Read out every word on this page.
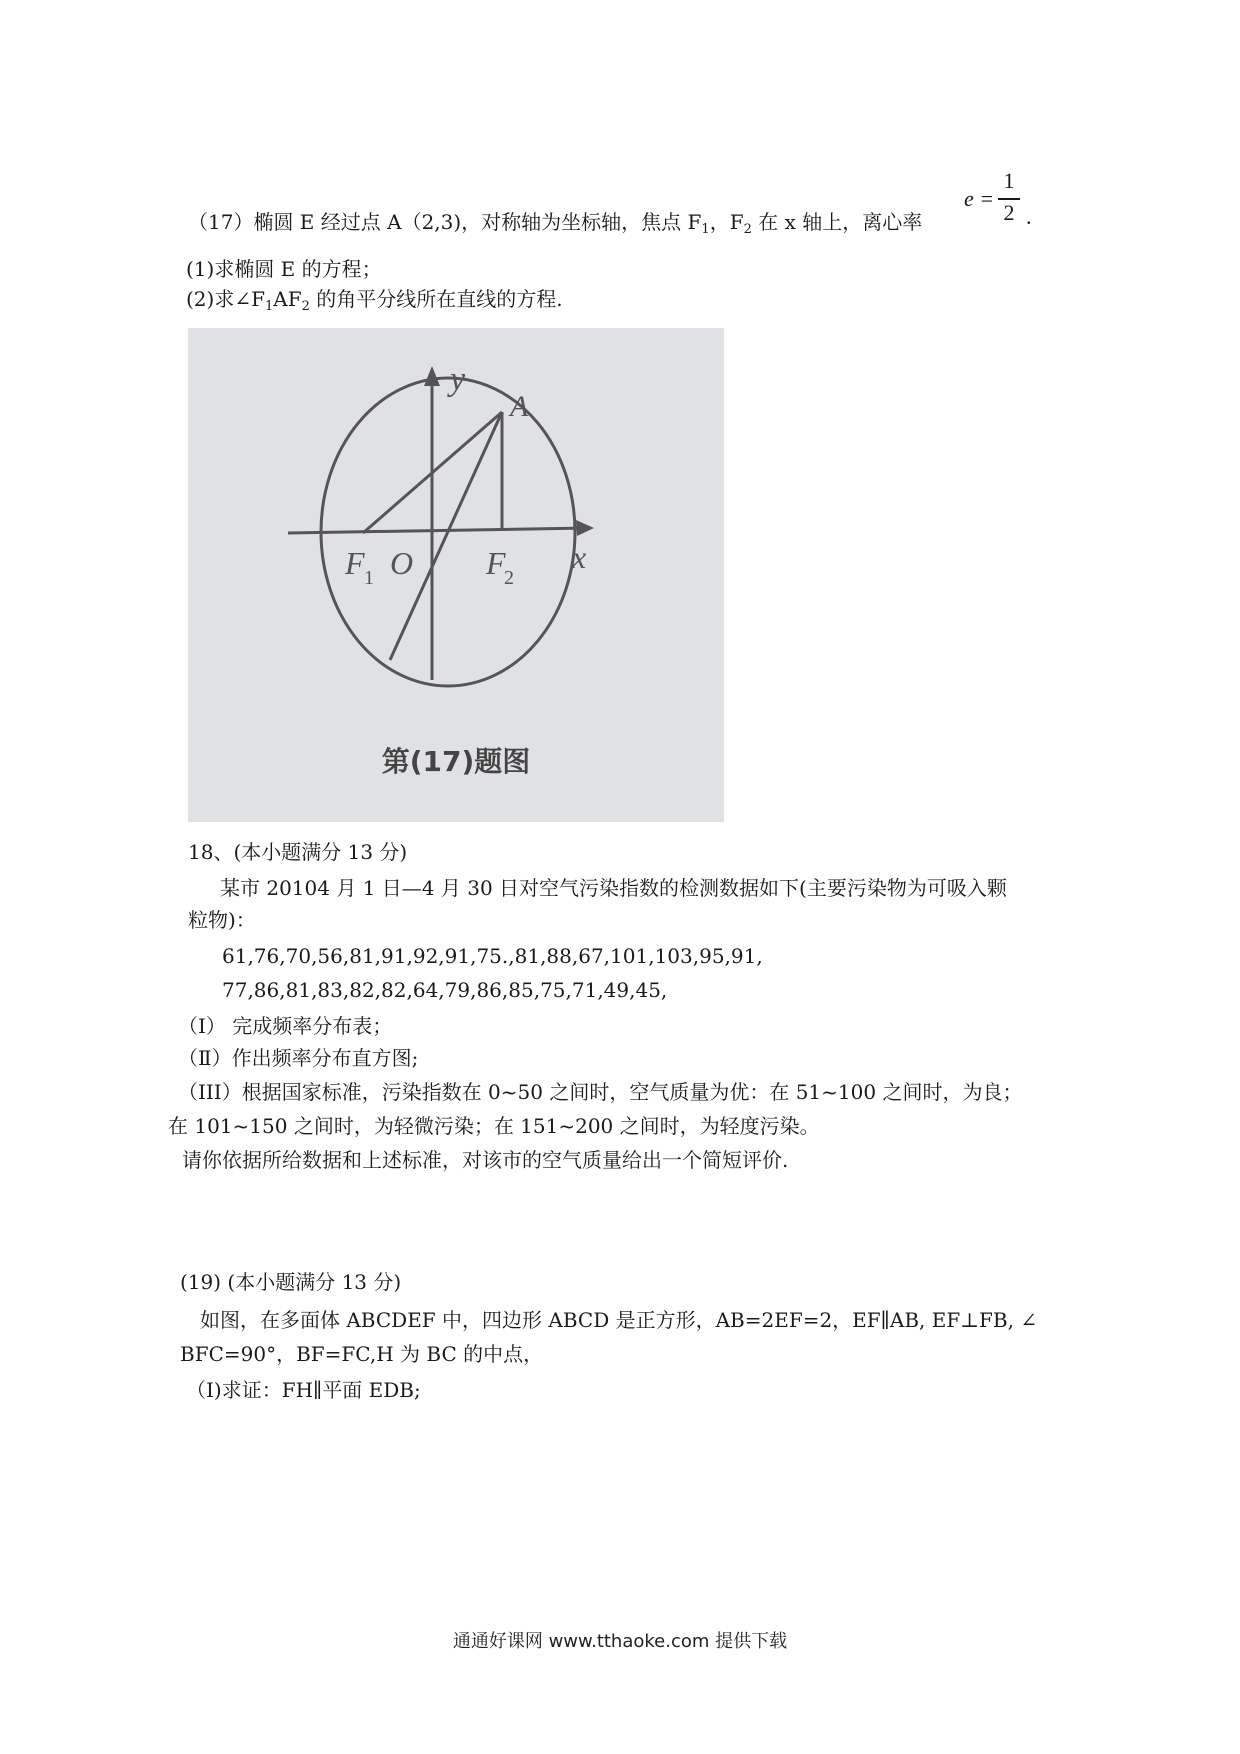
（17）椭圆 E 经过点 A（2,3)，对称轴为坐标轴，焦点 $F_1$，$F_2$ 在 x 轴上，离心率
e =
1
2 .
(1)求椭圆 E 的方程；
(2)求$\angle F_1AF_2$ 的角平分线所在直线的方程.
y
A
x
O
F 1	F
2
第(17)题图
18、(本小题满分 13 分)
某市 20104 月 1 日—4 月 30 日对空气污染指数的检测数据如下(主要污染物为可吸入颗
粒物)：
61,76,70,56,81,91,92,91,75.,81,88,67,101,103,95,91,
77,86,81,83,82,82,64,79,86,85,75,71,49,45,
（Ⅰ） 完成频率分布表；
（Ⅱ）作出频率分布直方图;
（III）根据国家标准，污染指数在 0~50 之间时，空气质量为优：在 51~100 之间时，为良；
在 101~150 之间时，为轻微污染；在 151~200 之间时，为轻度污染。
请你依据所给数据和上述标准，对该市的空气质量给出一个简短评价.
(19) (本小题满分 13 分)
如图，在多面体 ABCDEF 中，四边形 ABCD 是正方形，AB=2EF=2，EF∥AB, EF⊥FB, ∠
BFC=90°，BF=FC,H 为 BC 的中点，
（Ⅰ)求证：FH∥平面 EDB;
通通好课网 www.tthaoke.com 提供下载
